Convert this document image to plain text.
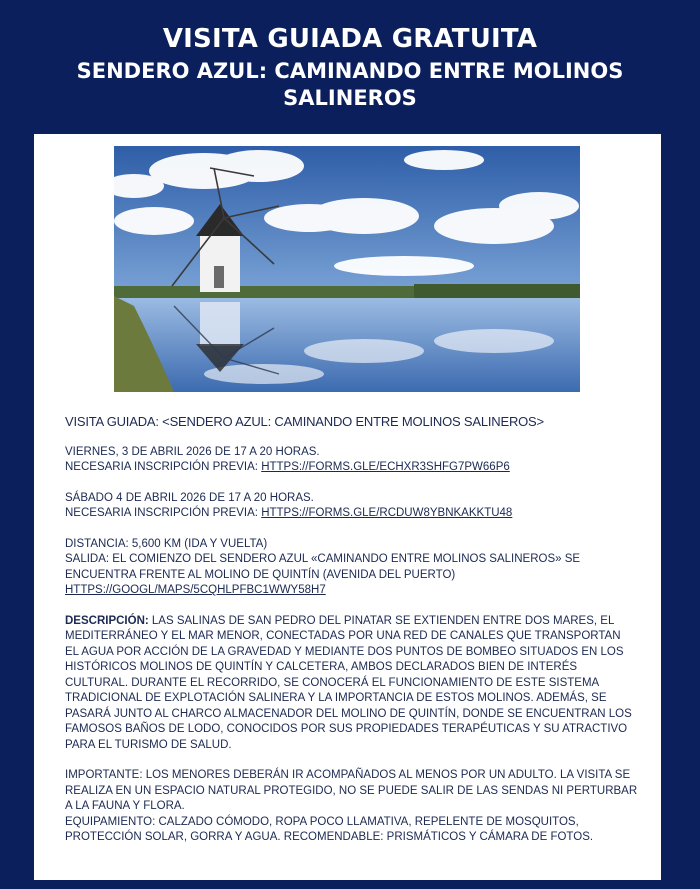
VISITA GUIADA GRATUITA
SENDERO AZUL: CAMINANDO ENTRE MOLINOS SALINEROS
VISITA GUIADA: <SENDERO AZUL: CAMINANDO ENTRE MOLINOS SALINEROS>

VIERNES, 3 DE ABRIL 2026 DE 17 A 20 HORAS.

NECESARIA INSCRIPCIÓN PREVIA: HTTPS://FORMS.GLE/ECHXR3SHFG7PW66P6

SÁBADO 4 DE ABRIL 2026 DE 17 A 20 HORAS.

NECESARIA INSCRIPCIÓN PREVIA: HTTPS://FORMS.GLE/RCDUW8YBNKAKKTU48

DISTANCIA: 5,600 KM (IDA Y VUELTA)

SALIDA: EL COMIENZO DEL SENDERO AZUL «CAMINANDO ENTRE MOLINOS SALINEROS» SE ENCUENTRA FRENTE AL MOLINO DE QUINTÍN (AVENIDA DEL PUERTO)

HTTPS://GOOGL/MAPS/5CQHLPFBC1WWY58H7

DESCRIPCIÓN: LAS SALINAS DE SAN PEDRO DEL PINATAR SE EXTIENDEN ENTRE DOS MARES, EL MEDITERRÁNEO Y EL MAR MENOR, CONECTADAS POR UNA RED DE CANALES QUE TRANSPORTAN EL AGUA POR ACCIÓN DE LA GRAVEDAD Y MEDIANTE DOS PUNTOS DE BOMBEO SITUADOS EN LOS HISTÓRICOS MOLINOS DE QUINTÍN Y CALCETERA, AMBOS DECLARADOS BIEN DE INTERÉS CULTURAL. DURANTE EL RECORRIDO, SE CONOCERÁ EL FUNCIONAMIENTO DE ESTE SISTEMA TRADICIONAL DE EXPLOTACIÓN SALINERA Y LA IMPORTANCIA DE ESTOS MOLINOS. ADEMÁS, SE PASARÁ JUNTO AL CHARCO ALMACENADOR DEL MOLINO DE QUINTÍN, DONDE SE ENCUENTRAN LOS FAMOSOS BAÑOS DE LODO, CONOCIDOS POR SUS PROPIEDADES TERAPÉUTICAS Y SU ATRACTIVO PARA EL TURISMO DE SALUD.

IMPORTANTE: LOS MENORES DEBERÁN IR ACOMPAÑADOS AL MENOS POR UN ADULTO. LA VISITA SE REALIZA EN UN ESPACIO NATURAL PROTEGIDO, NO SE PUEDE SALIR DE LAS SENDAS NI PERTURBAR A LA FAUNA Y FLORA.

EQUIPAMIENTO: CALZADO CÓMODO, ROPA POCO LLAMATIVA, REPELENTE DE MOSQUITOS, PROTECCIÓN SOLAR, GORRA Y AGUA. RECOMENDABLE: PRISMÁTICOS Y CÁMARA DE FOTOS.
